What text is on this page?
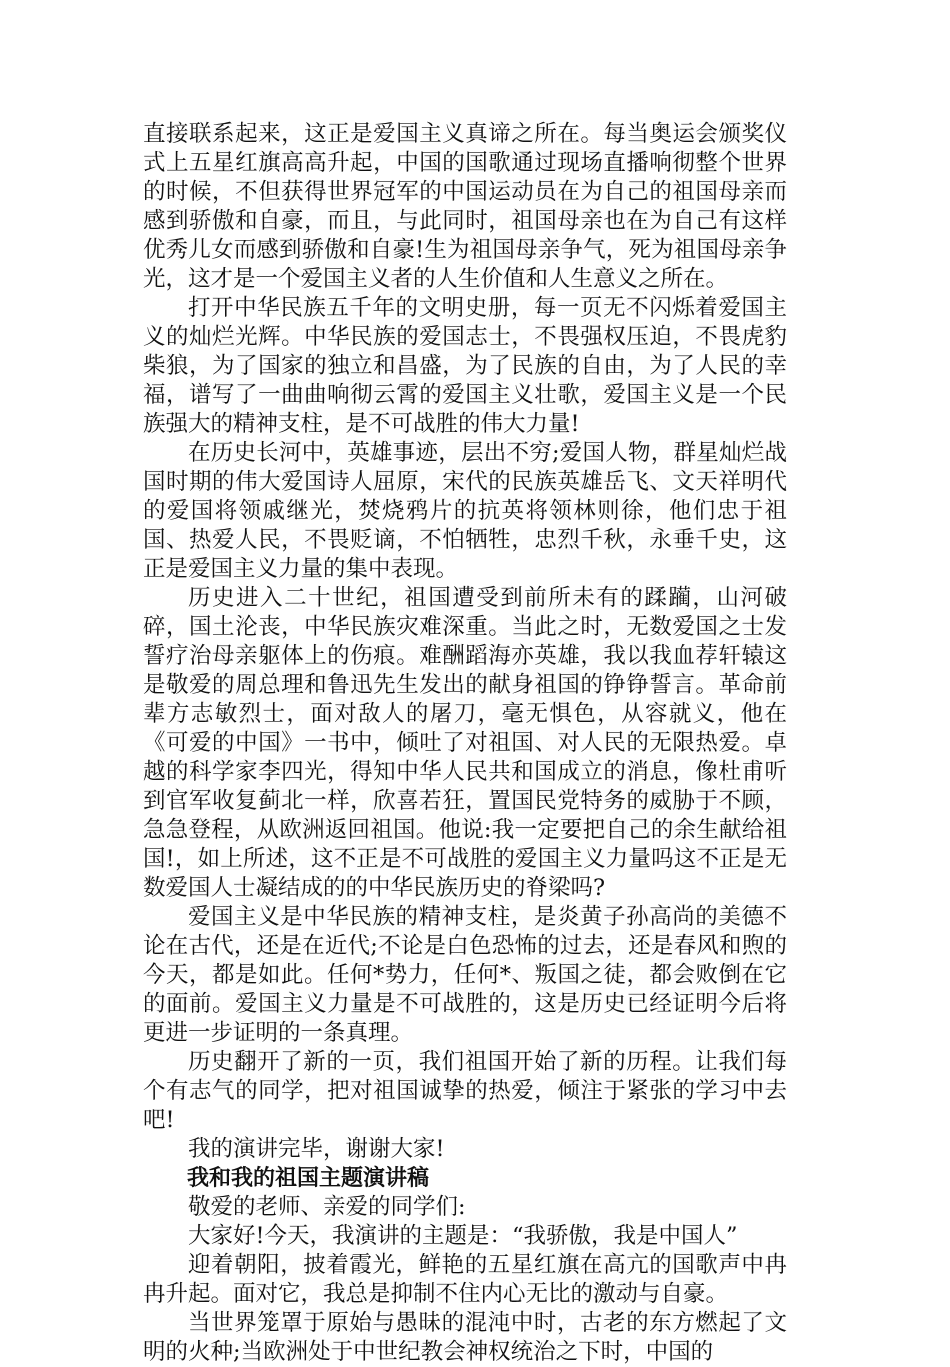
直接联系起来，这正是爱国主义真谛之所在。每当奥运会颁奖仪式上五星红旗高高升起，中国的国歌通过现场直播响彻整个世界的时候，不但获得世界冠军的中国运动员在为自己的祖国母亲而感到骄傲和自豪，而且，与此同时，祖国母亲也在为自己有这样优秀儿女而感到骄傲和自豪!生为祖国母亲争气，死为祖国母亲争光，这才是一个爱国主义者的人生价值和人生意义之所在。

打开中华民族五千年的文明史册，每一页无不闪烁着爱国主义的灿烂光辉。中华民族的爱国志士，不畏强权压迫，不畏虎豹柴狼，为了国家的独立和昌盛，为了民族的自由，为了人民的幸福，谱写了一曲曲响彻云霄的爱国主义壮歌，爱国主义是一个民族强大的精神支柱，是不可战胜的伟大力量!

在历史长河中，英雄事迹，层出不穷;爱国人物，群星灿烂战国时期的伟大爱国诗人屈原，宋代的民族英雄岳飞、文天祥明代的爱国将领戚继光，焚烧鸦片的抗英将领林则徐，他们忠于祖国、热爱人民，不畏贬谪，不怕牺牲，忠烈千秋，永垂千史，这正是爱国主义力量的集中表现。

历史进入二十世纪，祖国遭受到前所未有的蹂躏，山河破碎，国土沦丧，中华民族灾难深重。当此之时，无数爱国之士发誓疗治母亲躯体上的伤痕。难酬蹈海亦英雄，我以我血荐轩辕这是敬爱的周总理和鲁迅先生发出的献身祖国的铮铮誓言。革命前辈方志敏烈士，面对敌人的屠刀，毫无惧色，从容就义，他在《可爱的中国》一书中，倾吐了对祖国、对人民的无限热爱。卓越的科学家李四光，得知中华人民共和国成立的消息，像杜甫听到官军收复蓟北一样，欣喜若狂，置国民党特务的威胁于不顾，急急登程，从欧洲返回祖国。他说:我一定要把自己的余生献给祖国!，如上所述，这不正是不可战胜的爱国主义力量吗这不正是无数爱国人士凝结成的的中华民族历史的脊梁吗?

爱国主义是中华民族的精神支柱，是炎黄子孙高尚的美德不论在古代，还是在近代;不论是白色恐怖的过去，还是春风和煦的今天，都是如此。任何*势力，任何*、叛国之徒，都会败倒在它的面前。爱国主义力量是不可战胜的，这是历史已经证明今后将更进一步证明的一条真理。

历史翻开了新的一页，我们祖国开始了新的历程。让我们每个有志气的同学，把对祖国诚挚的热爱，倾注于紧张的学习中去吧!

我的演讲完毕，谢谢大家!

我和我的祖国主题演讲稿

敬爱的老师、亲爱的同学们:

大家好!今天，我演讲的主题是：“我骄傲，我是中国人”

迎着朝阳，披着霞光，鲜艳的五星红旗在高亢的国歌声中冉冉升起。面对它，我总是抑制不住内心无比的激动与自豪。

当世界笼罩于原始与愚昧的混沌中时，古老的东方燃起了文明的火种;当欧洲处于中世纪教会神权统治之下时，中国的
